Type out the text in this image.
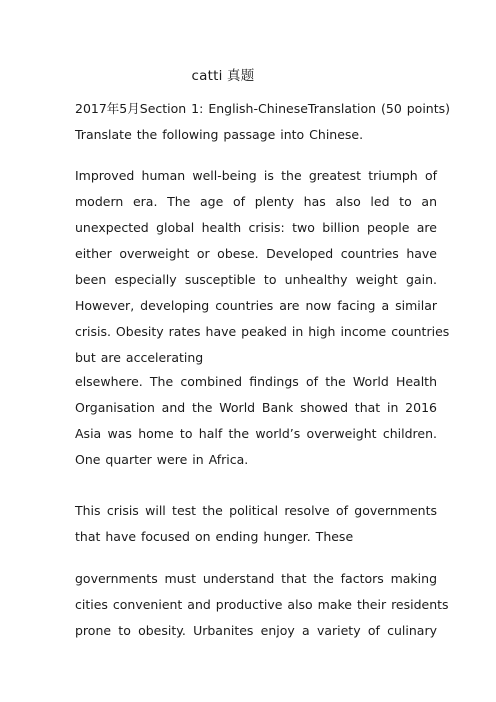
catti 真题
2017年5月Section 1: English-ChineseTranslation (50 points)
Translate the following passage into Chinese.
Improved human well-being is the greatest triumph of
modern era. The age of plenty has also led to an
unexpected global health crisis: two billion people are
either overweight or obese. Developed countries have
been especially susceptible to unhealthy weight gain.
However, developing countries are now facing a similar
crisis. Obesity rates have peaked in high income countries
but are accelerating
elsewhere. The combined findings of the World Health
Organisation and the World Bank showed that in 2016
Asia was home to half the world’s overweight children.
One quarter were in Africa.
This crisis will test the political resolve of governments
that have focused on ending hunger. These
governments must understand that the factors making
cities convenient and productive also make their residents
prone to obesity. Urbanites enjoy a variety of culinary
